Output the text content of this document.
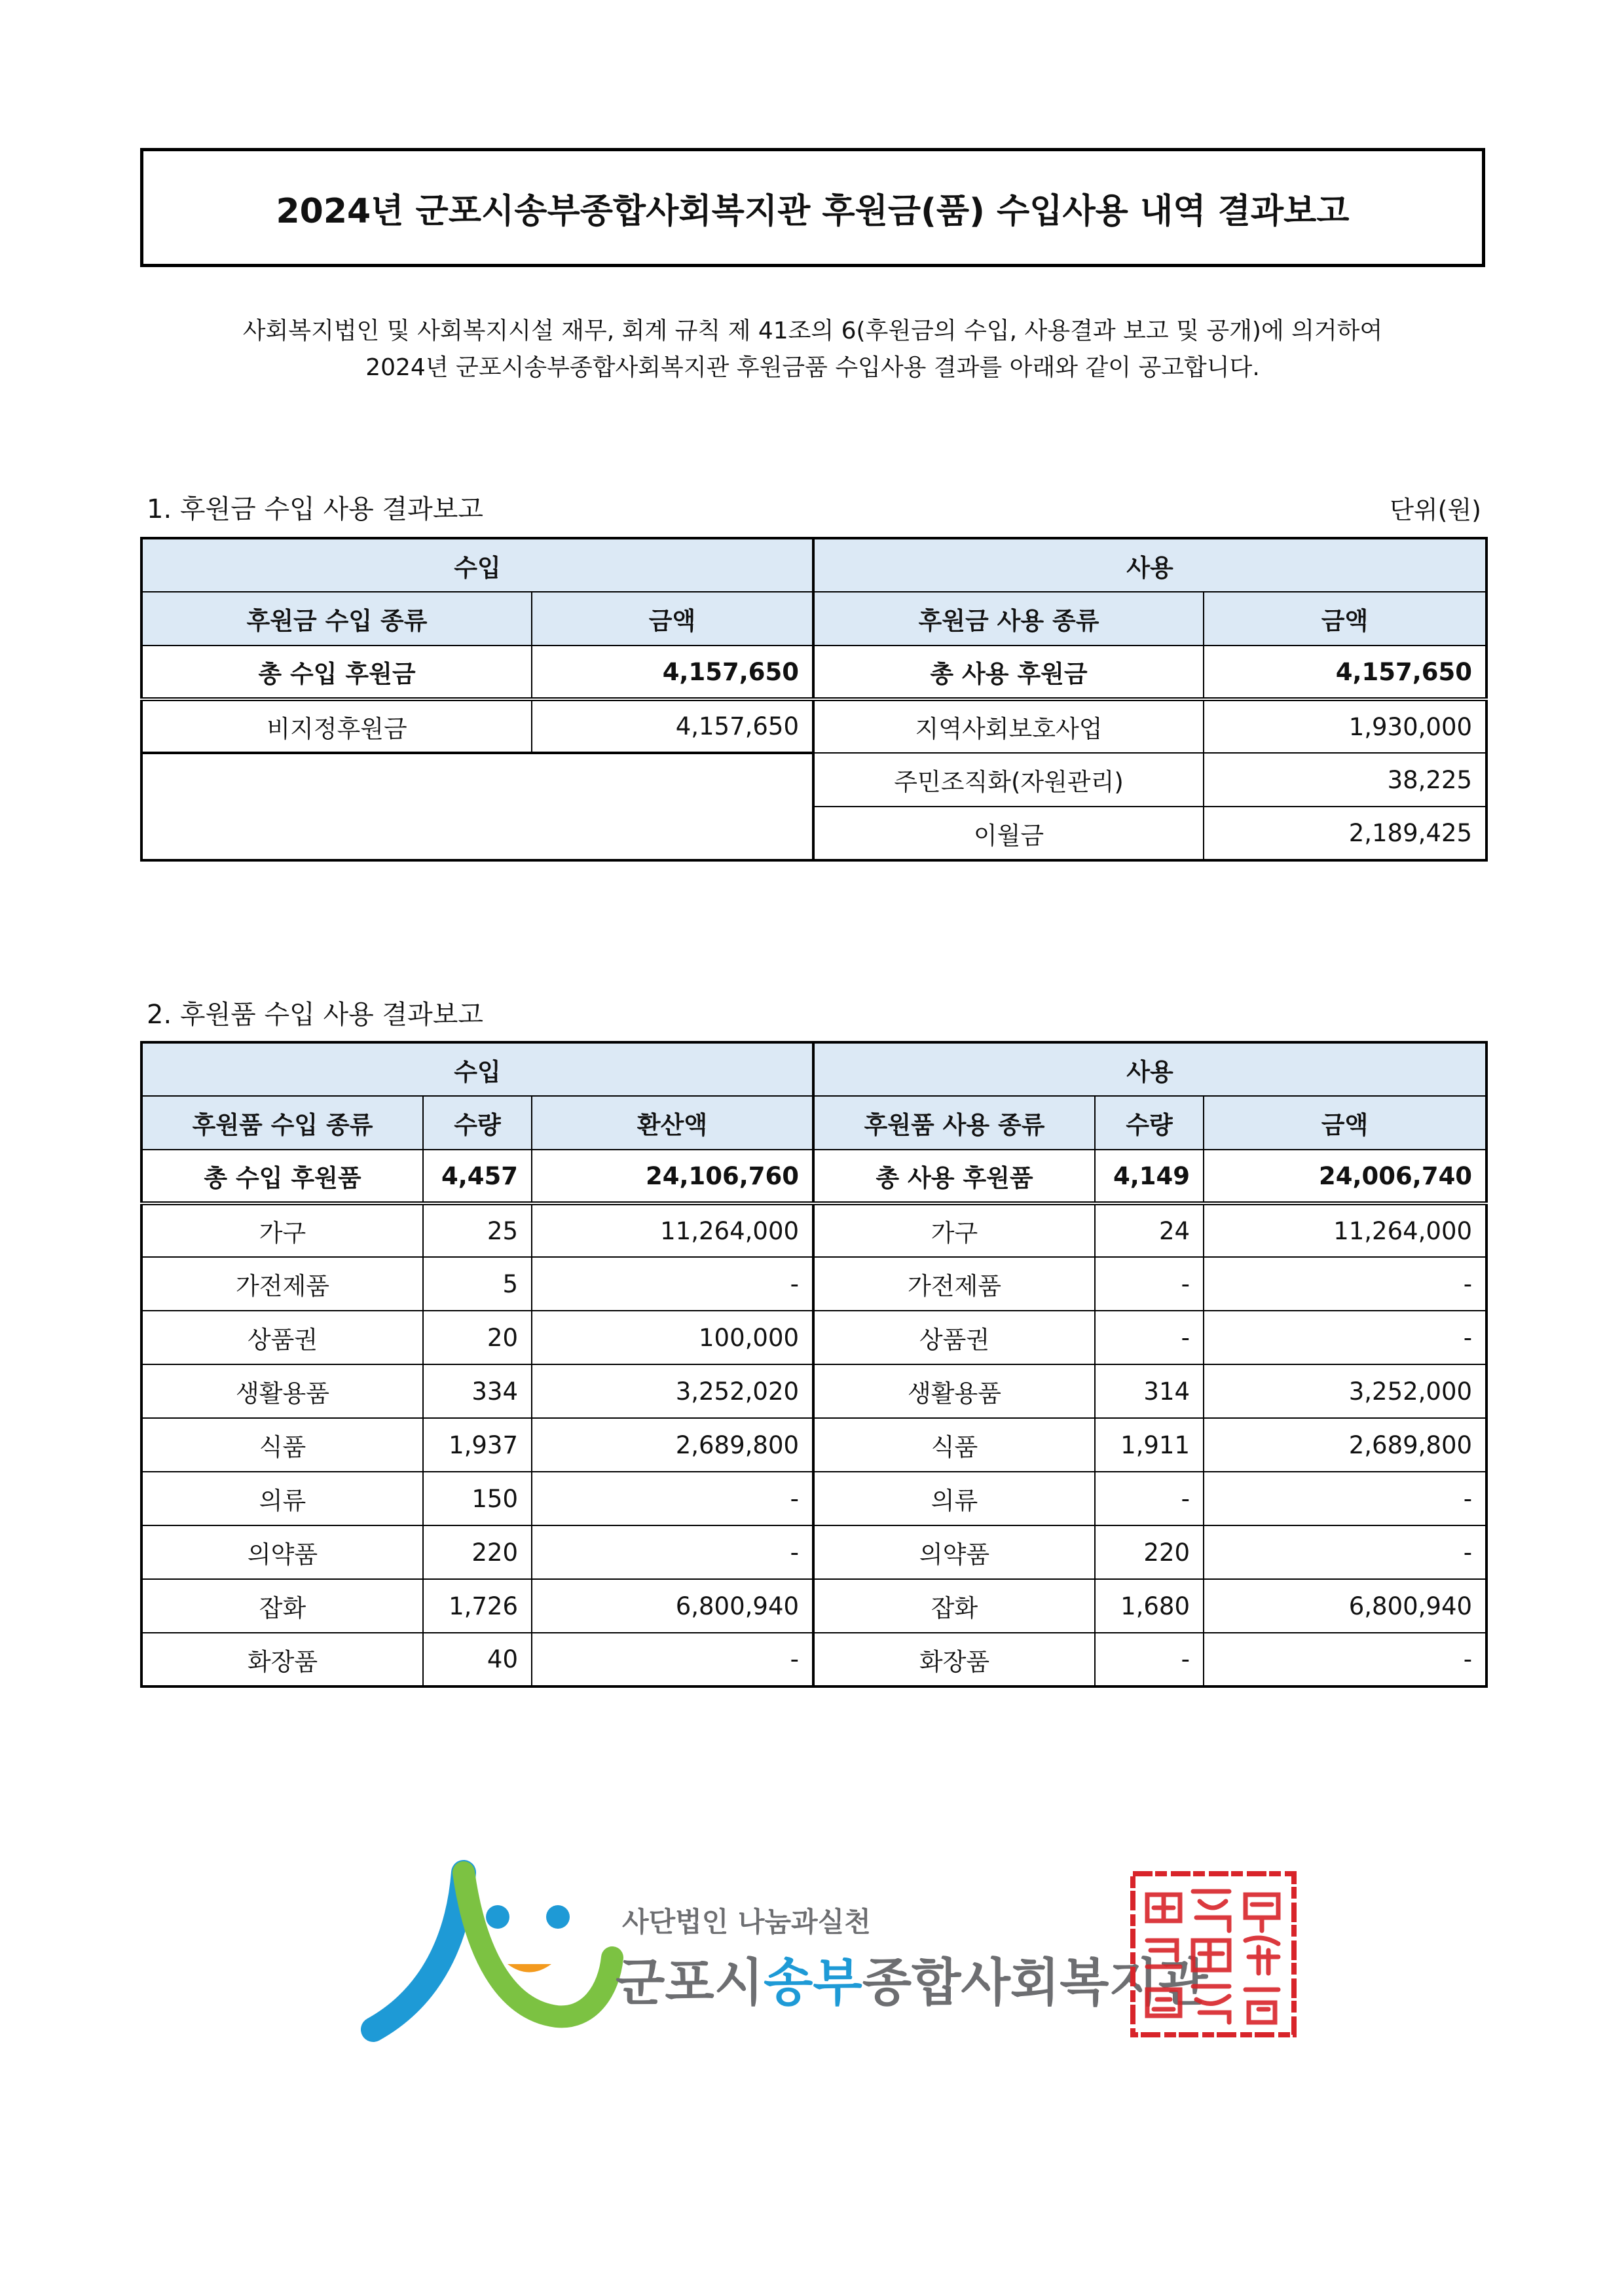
2024년 군포시송부종합사회복지관 후원금(품) 수입사용 내역 결과보고
사회복지법인 및 사회복지시설 재무, 회계 규칙 제 41조의 6(후원금의 수입, 사용결과 보고 및 공개)에 의거하여
2024년 군포시송부종합사회복지관 후원금품 수입사용 결과를 아래와 같이 공고합니다.
1. 후원금 수입 사용 결과보고	단위(원)
수입		사용	
후원금 수입 종류	금액	후원금 사용 종류	금액
총 수입 후원금	4,157,650	총 사용 후원금	4,157,650
비지정후원금	4,157,650	지역사회보호사업	1,930,000
		주민조직화(자원관리)	38,225
		이월금	2,189,425
2. 후원품 수입 사용 결과보고
수입			사용		
후원품 수입 종류	수량	환산액	후원품 사용 종류	수량	금액
총 수입 후원품	4,457	24,106,760	총 사용 후원품	4,149	24,006,740
가구	25	11,264,000	가구	24	11,264,000
가전제품	5	-	가전제품	-	-
상품권	20	100,000	상품권	-	-
생활용품	334	3,252,020	생활용품	314	3,252,000
식품	1,937	2,689,800	식품	1,911	2,689,800
의류	150	-	의류	-	-
의약품	220	-	의약품	220	-
잡화	1,726	6,800,940	잡화	1,680	6,800,940
화장품	40	-	화장품	-	-
사단법인 나눔과실천
군포시송부종합사회복지관
